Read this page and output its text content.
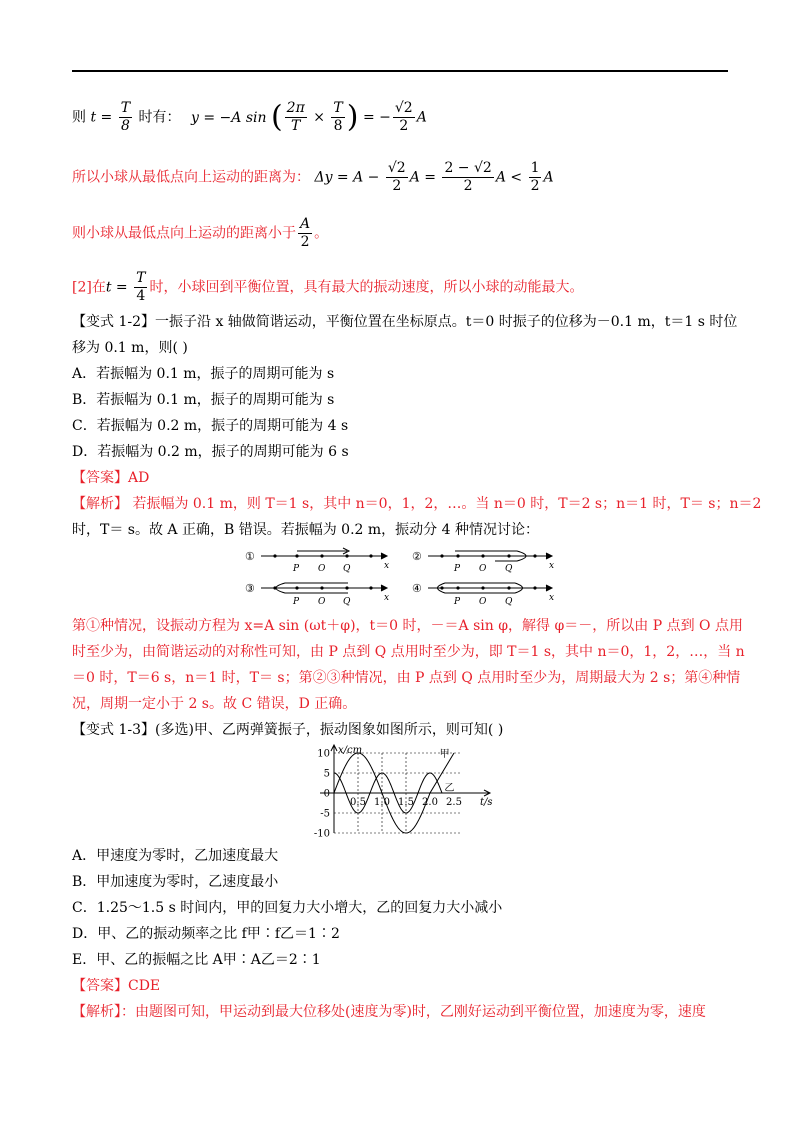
则 $t = \frac{T}{8}$ 时有： y = −A sin ( $\frac{2\pi}{T} \times \frac{T}{8}$ ) = − $\frac{√2}{2}$ A
所以小球从最低点向上运动的距离为： $\Delta y = A - \frac{√2}{2}$ $A = \frac{2 - √2}{2}$ $A < \frac{1}{2}$ A
则小球从最低点向上运动的距离小于 $\frac{A}{2}$ 。
[2]在$t = \frac{T}{4}$ 时，小球回到平衡位置，具有最大的振动速度，所以小球的动能最大。
【变式 1-2】一振子沿 x 轴做简谐运动，平衡位置在坐标原点。t＝0 时振子的位移为－0.1 m，t＝1 s 时位
移为 0.1 m，则( )
A．若振幅为 0.1 m，振子的周期可能为 s
B．若振幅为 0.1 m，振子的周期可能为 s
C．若振幅为 0.2 m，振子的周期可能为 4 s
D．若振幅为 0.2 m，振子的周期可能为 6 s
【答案】AD
【解析】 若振幅为 0.1 m，则 T＝1 s，其中 n＝0，1，2，…。当 n＝0 时，T＝2 s；n＝1 时，T＝ s；n＝2
时，T＝ s。故 A 正确，B 错误。若振幅为 0.2 m，振动分 4 种情况讨论：
①	②
③	④
P O Q	x	P O Q	x
P O Q	x	P O Q	x
第①种情况，设振动方程为 x=A sin (ωt＋φ)，t＝0 时，－＝A sin φ，解得 φ＝－，所以由 P 点到 O 点用
时至少为，由简谐运动的对称性可知，由 P 点到 Q 点用时至少为，即 T＝1 s，其中 n＝0，1，2，…，当 n
＝0 时，T＝6 s，n＝1 时，T＝ s；第②③种情况，由 P 点到 Q 点用时至少为，周期最大为 2 s；第④种情
况，周期一定小于 2 s。故 C 错误，D 正确。
【变式 1-3】(多选)甲、乙两弹簧振子，振动图象如图所示，则可知( )
10
5
0
-5
-10
0.5 1.0 1.5 2.0 2.5
甲
乙
x/cm
t/s
A．甲速度为零时，乙加速度最大
B．甲加速度为零时，乙速度最小
C．1.25～1.5 s 时间内，甲的回复力大小增大，乙的回复力大小减小
D．甲、乙的振动频率之比 f甲∶f乙＝1∶2
E．甲、乙的振幅之比 A甲∶A乙＝2∶1
【答案】CDE
【解析】：由题图可知，甲运动到最大位移处(速度为零)时，乙刚好运动到平衡位置，加速度为零，速度
